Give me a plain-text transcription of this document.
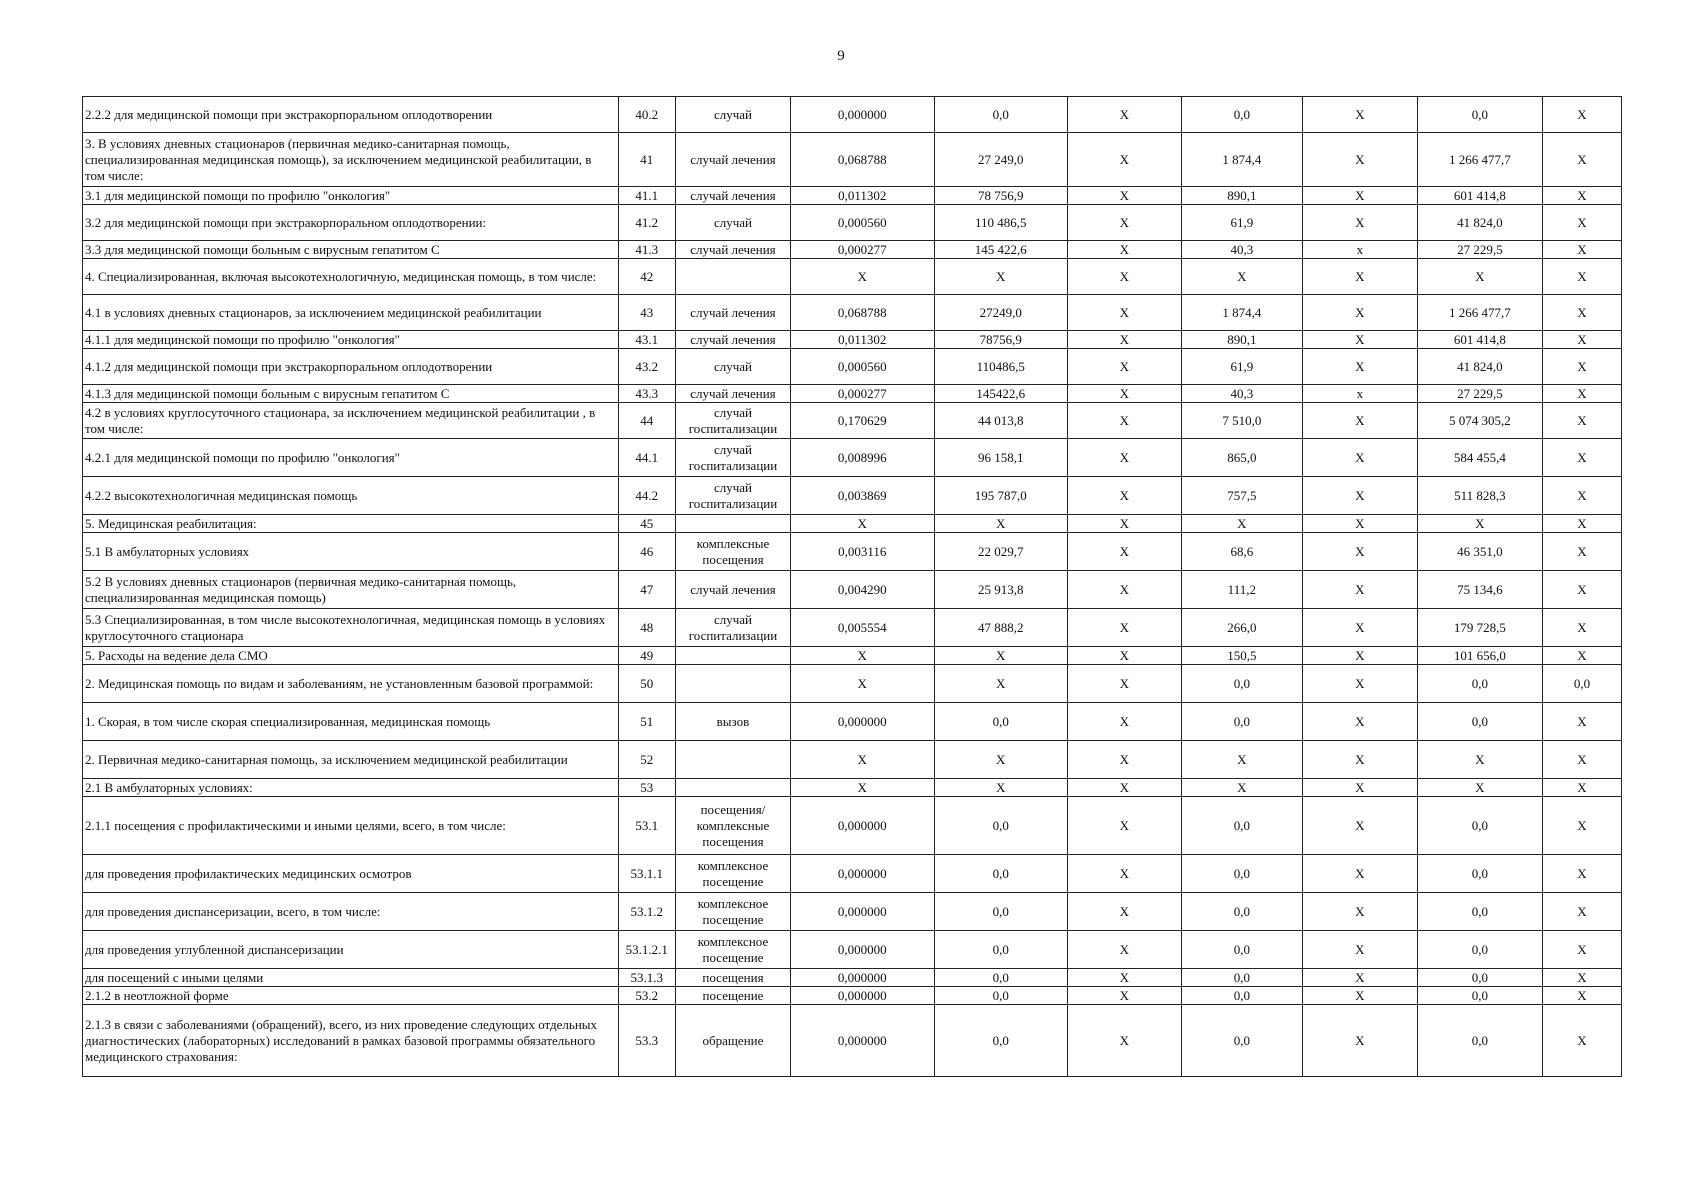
9
2.2.2 для медицинской помощи при экстракорпоральном оплодотворении	40.2	случай	0,000000	0,0	X	0,0	X	0,0	X
3. В условиях дневных стационаров (первичная медико-санитарная помощь, специализированная медицинская помощь), за исключением медицинской реабилитации, в том числе:	41	случай лечения	0,068788	27 249,0	X	1 874,4	X	1 266 477,7	X
3.1 для медицинской помощи по профилю "онкология"	41.1	случай лечения	0,011302	78 756,9	X	890,1	X	601 414,8	X
3.2 для медицинской помощи при экстракорпоральном оплодотворении:	41.2	случай	0,000560	110 486,5	X	61,9	X	41 824,0	X
3.3 для медицинской помощи больным с вирусным гепатитом С	41.3	случай лечения	0,000277	145 422,6	X	40,3	x	27 229,5	X
4. Специализированная, включая высокотехнологичную, медицинская помощь, в том числе:	42		X	X	X	X	X	X	X
4.1 в условиях дневных стационаров, за исключением медицинской реабилитации	43	случай лечения	0,068788	27249,0	X	1 874,4	X	1 266 477,7	X
4.1.1 для медицинской помощи по профилю "онкология"	43.1	случай лечения	0,011302	78756,9	X	890,1	X	601 414,8	X
4.1.2 для медицинской помощи при экстракорпоральном оплодотворении	43.2	случай	0,000560	110486,5	X	61,9	X	41 824,0	X
4.1.3 для медицинской помощи больным с вирусным гепатитом С	43.3	случай лечения	0,000277	145422,6	X	40,3	x	27 229,5	X
4.2 в условиях круглосуточного стационара, за исключением медицинской реабилитации , в том числе:	44	случай госпитализации	0,170629	44 013,8	X	7 510,0	X	5 074 305,2	X
4.2.1 для медицинской помощи по профилю "онкология"	44.1	случай госпитализации	0,008996	96 158,1	X	865,0	X	584 455,4	X
4.2.2 высокотехнологичная медицинская помощь	44.2	случай госпитализации	0,003869	195 787,0	X	757,5	X	511 828,3	X
5. Медицинская реабилитация:	45		X	X	X	X	X	X	X
5.1 В амбулаторных условиях	46	комплексные посещения	0,003116	22 029,7	X	68,6	X	46 351,0	X
5.2 В условиях дневных стационаров (первичная медико-санитарная помощь, специализированная медицинская помощь)	47	случай лечения	0,004290	25 913,8	X	111,2	X	75 134,6	X
5.3 Специализированная, в том числе высокотехнологичная, медицинская помощь в условиях круглосуточного стационара	48	случай госпитализации	0,005554	47 888,2	X	266,0	X	179 728,5	X
5. Расходы на ведение дела СМО	49		X	X	X	150,5	X	101 656,0	X
2. Медицинская помощь по видам и заболеваниям, не установленным базовой программой:	50		X	X	X	0,0	X	0,0	0,0
1. Скорая, в том числе скорая специализированная, медицинская помощь	51	вызов	0,000000	0,0	X	0,0	X	0,0	X
2. Первичная медико-санитарная помощь, за исключением медицинской реабилитации	52		X	X	X	X	X	X	X
2.1 В амбулаторных условиях:	53		X	X	X	X	X	X	X
2.1.1 посещения с профилактическими и иными целями, всего, в том числе:	53.1	посещения/комплексные посещения	0,000000	0,0	X	0,0	X	0,0	X
для проведения профилактических медицинских осмотров	53.1.1	комплексное посещение	0,000000	0,0	X	0,0	X	0,0	X
для проведения диспансеризации, всего, в том числе:	53.1.2	комплексное посещение	0,000000	0,0	X	0,0	X	0,0	X
для проведения углубленной диспансеризации	53.1.2.1	комплексное посещение	0,000000	0,0	X	0,0	X	0,0	X
для посещений с иными целями	53.1.3	посещения	0,000000	0,0	X	0,0	X	0,0	X
2.1.2 в неотложной форме	53.2	посещение	0,000000	0,0	X	0,0	X	0,0	X
2.1.3 в связи с заболеваниями (обращений), всего, из них проведение следующих отдельных диагностических (лабораторных) исследований в рамках базовой программы обязательного медицинского страхования:	53.3	обращение	0,000000	0,0	X	0,0	X	0,0	X
